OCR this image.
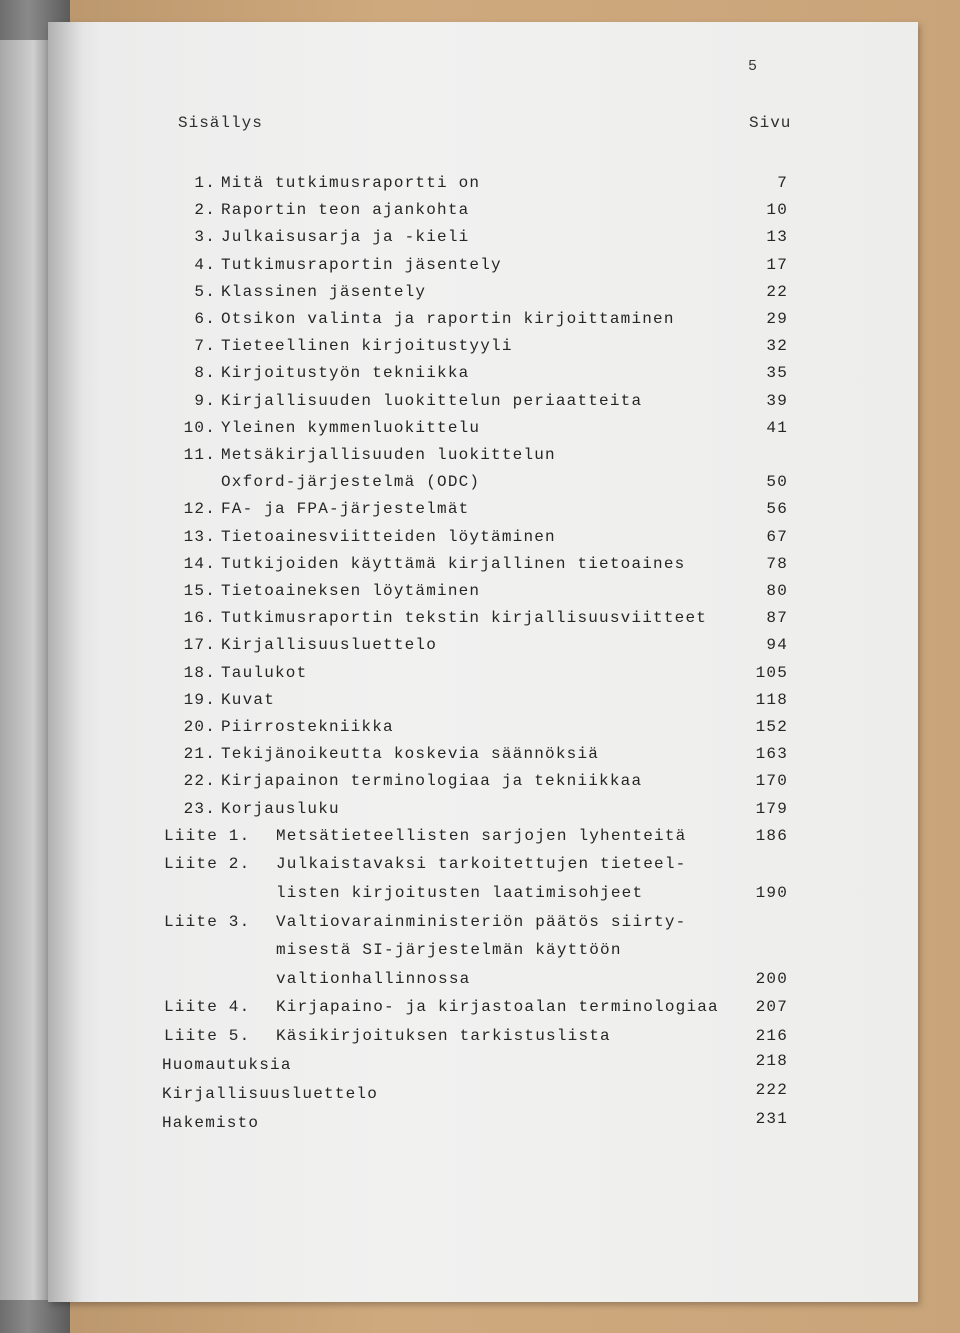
5
Sisällys	Sivu
1. Mitä tutkimusraportti on	7
2. Raportin teon ajankohta	10
3. Julkaisusarja ja -kieli	13
4. Tutkimusraportin jäsentely	17
5. Klassinen jäsentely	22
6. Otsikon valinta ja raportin kirjoittaminen	29
7. Tieteellinen kirjoitustyyli	32
8. Kirjoitustyön tekniikka	35
9. Kirjallisuuden luokittelun periaatteita	39
10. Yleinen kymmenluokittelu	41
11. Metsäkirjallisuuden luokittelun
Oxford-järjestelmä (ODC)	50
12. FA- ja FPA-järjestelmät	56
13. Tietoainesviitteiden löytäminen	67
14. Tutkijoiden käyttämä kirjallinen tietoaines	78
15. Tietoaineksen löytäminen	80
16. Tutkimusraportin tekstin kirjallisuusviitteet	87
17. Kirjallisuusluettelo	94
18. Taulukot	105
19. Kuvat	118
20. Piirrostekniikka	152
21. Tekijänoikeutta koskevia säännöksiä	163
22. Kirjapainon terminologiaa ja tekniikkaa	170
23. Korjausluku	179
Liite 1. Metsätieteellisten sarjojen lyhenteitä	186
Liite 2. Julkaistavaksi tarkoitettujen tieteel-
listen kirjoitusten laatimisohjeet	190
Liite 3. Valtiovarainministeriön päätös siirty-
misestä SI-järjestelmän käyttöön
valtionhallinnossa	200
Liite 4. Kirjapaino- ja kirjastoalan terminologiaa	207
Liite 5. Käsikirjoituksen tarkistuslista	216
Huomautuksia	218
Kirjallisuusluettelo	222
Hakemisto	231
